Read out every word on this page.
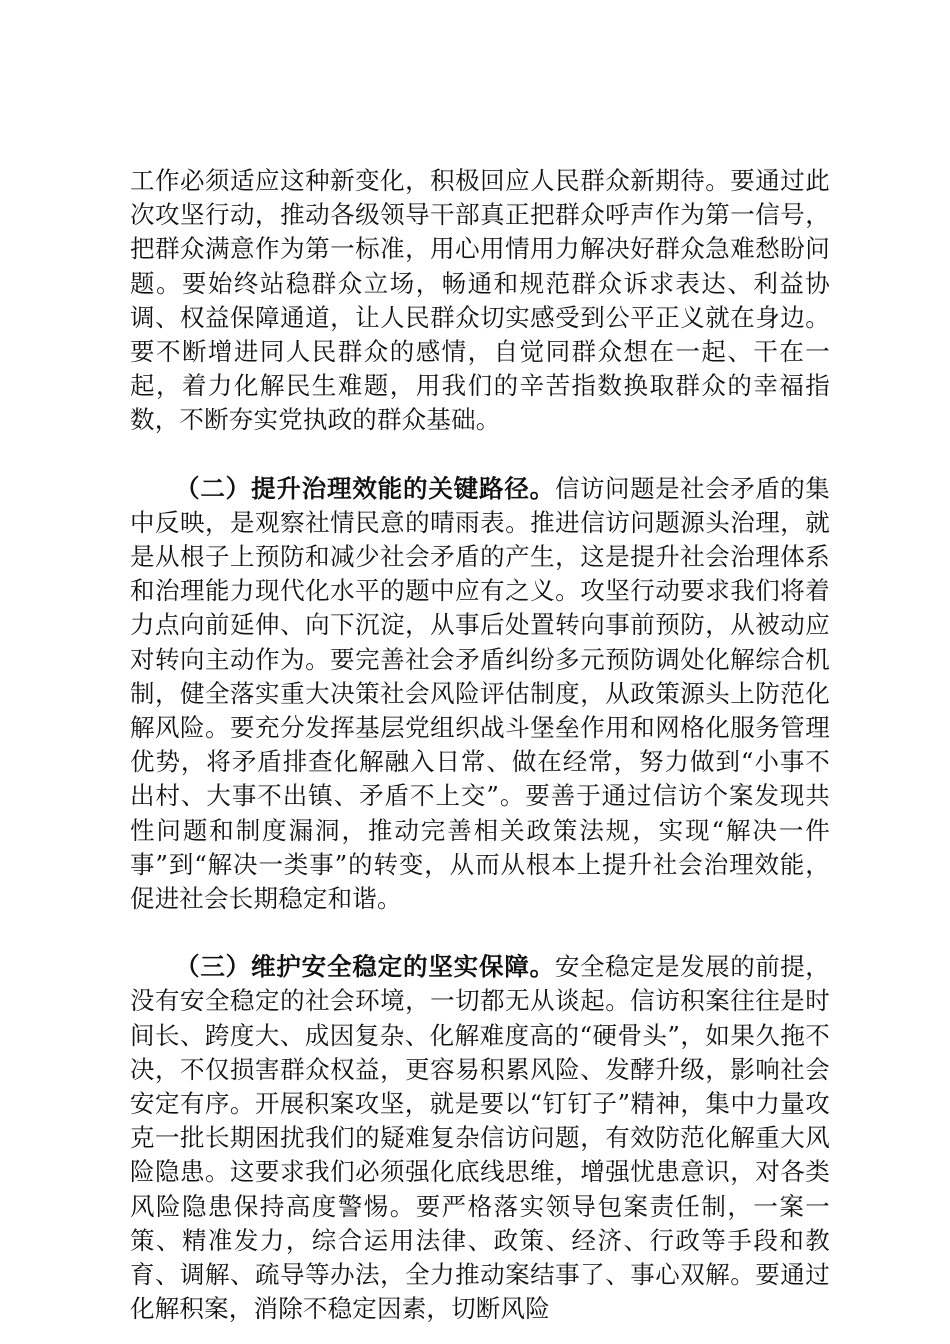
工作必须适应这种新变化，积极回应人民群众新期待。要通过此次攻坚行动，推动各级领导干部真正把群众呼声作为第一信号，把群众满意作为第一标准，用心用情用力解决好群众急难愁盼问题。要始终站稳群众立场，畅通和规范群众诉求表达、利益协调、权益保障通道，让人民群众切实感受到公平正义就在身边。要不断增进同人民群众的感情，自觉同群众想在一起、干在一起，着力化解民生难题，用我们的辛苦指数换取群众的幸福指数，不断夯实党执政的群众基础。

（二）提升治理效能的关键路径。信访问题是社会矛盾的集中反映，是观察社情民意的晴雨表。推进信访问题源头治理，就是从根子上预防和减少社会矛盾的产生，这是提升社会治理体系和治理能力现代化水平的题中应有之义。攻坚行动要求我们将着力点向前延伸、向下沉淀，从事后处置转向事前预防，从被动应对转向主动作为。要完善社会矛盾纠纷多元预防调处化解综合机制，健全落实重大决策社会风险评估制度，从政策源头上防范化解风险。要充分发挥基层党组织战斗堡垒作用和网格化服务管理优势，将矛盾排查化解融入日常、做在经常，努力做到“小事不出村、大事不出镇、矛盾不上交”。要善于通过信访个案发现共性问题和制度漏洞，推动完善相关政策法规，实现“解决一件事”到“解决一类事”的转变，从而从根本上提升社会治理效能，促进社会长期稳定和谐。

（三）维护安全稳定的坚实保障。安全稳定是发展的前提，没有安全稳定的社会环境，一切都无从谈起。信访积案往往是时间长、跨度大、成因复杂、化解难度高的“硬骨头”，如果久拖不决，不仅损害群众权益，更容易积累风险、发酵升级，影响社会安定有序。开展积案攻坚，就是要以“钉钉子”精神，集中力量攻克一批长期困扰我们的疑难复杂信访问题，有效防范化解重大风险隐患。这要求我们必须强化底线思维，增强忧患意识，对各类风险隐患保持高度警惕。要严格落实领导包案责任制，一案一策、精准发力，综合运用法律、政策、经济、行政等手段和教育、调解、疏导等办法，全力推动案结事了、事心双解。要通过化解积案，消除不稳定因素，切断风险
